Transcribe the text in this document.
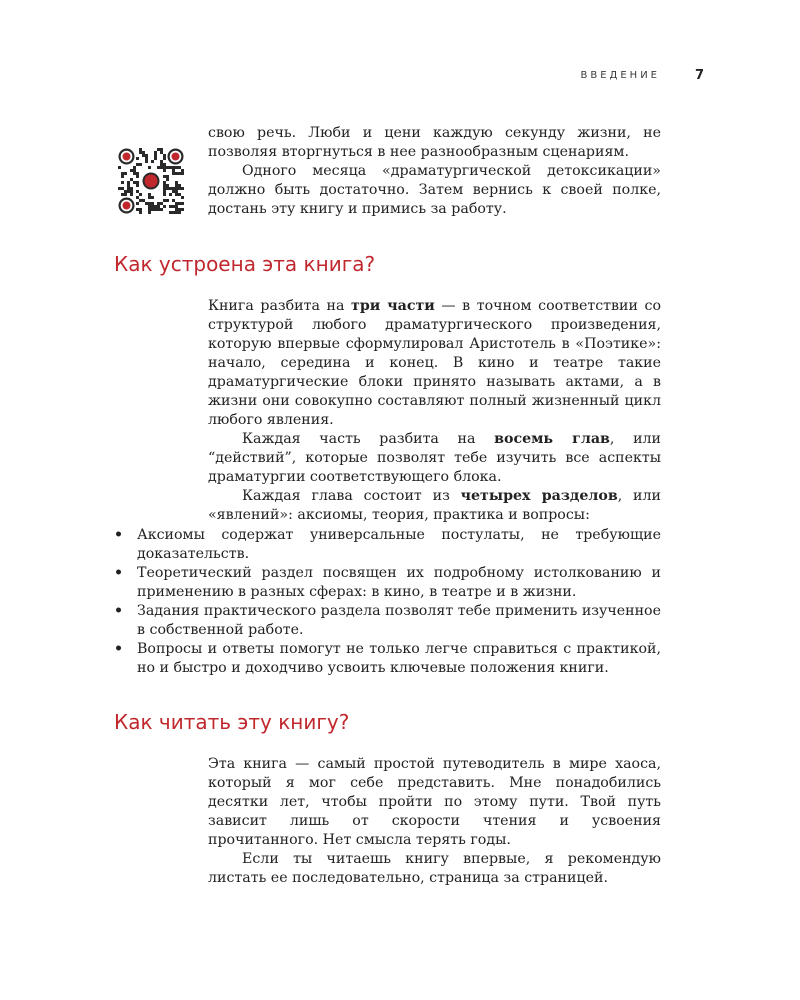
ВВЕДЕНИЕ	7

свою речь. Люби и цени каждую секунду жизни, не позволяя вторгнуться в нее разнообразным сценариям.

Одного месяца «драматургической детоксикации» должно быть достаточно. Затем вернись к своей полке, достань эту книгу и примись за работу.

Как устроена эта книга?

Книга разбита на три части — в точном соответствии со структурой любого драматургического произведения, которую впервые сформулировал Аристотель в «Поэтике»: начало, середина и конец. В кино и театре такие драматургические блоки принято называть актами, а в жизни они совокупно составляют полный жизненный цикл любого явления.

Каждая часть разбита на восемь глав, или “действий”, которые позволят тебе изучить все аспекты драматургии соответствующего блока.

Каждая глава состоит из четырех разделов, или «явлений»: аксиомы, теория, практика и вопросы:

• Аксиомы содержат универсальные постулаты, не требующие доказательств.
• Теоретический раздел посвящен их подробному истолкованию и применению в разных сферах: в кино, в театре и в жизни.
• Задания практического раздела позволят тебе применить изученное в собственной работе.
• Вопросы и ответы помогут не только легче справиться с практикой, но и быстро и доходчиво усвоить ключевые положения книги.
Как читать эту книгу?

Эта книга — самый простой путеводитель в мире хаоса, который я мог себе представить. Мне понадобились десятки лет, чтобы пройти по этому пути. Твой путь зависит лишь от скорости чтения и усвоения прочитанного. Нет смысла терять годы.

Если ты читаешь книгу впервые, я рекомендую листать ее последовательно, страница за страницей.
